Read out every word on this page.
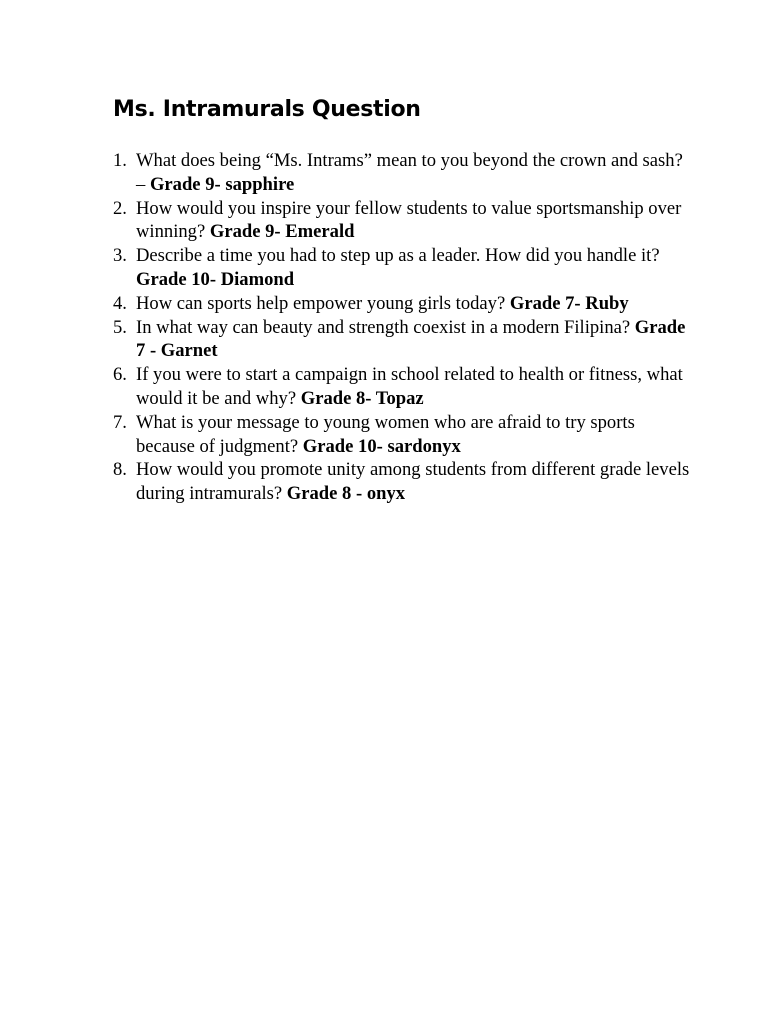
Ms. Intramurals Question
1. What does being “Ms. Intrams” mean to you beyond the crown and sash? – Grade 9- sapphire
2. How would you inspire your fellow students to value sportsmanship over winning? Grade 9- Emerald
3. Describe a time you had to step up as a leader. How did you handle it? Grade 10- Diamond
4. How can sports help empower young girls today? Grade 7- Ruby
5. In what way can beauty and strength coexist in a modern Filipina? Grade 7 - Garnet
6. If you were to start a campaign in school related to health or fitness, what would it be and why? Grade 8- Topaz
7. What is your message to young women who are afraid to try sports because of judgment? Grade 10- sardonyx
8. How would you promote unity among students from different grade levels during intramurals? Grade 8 - onyx
